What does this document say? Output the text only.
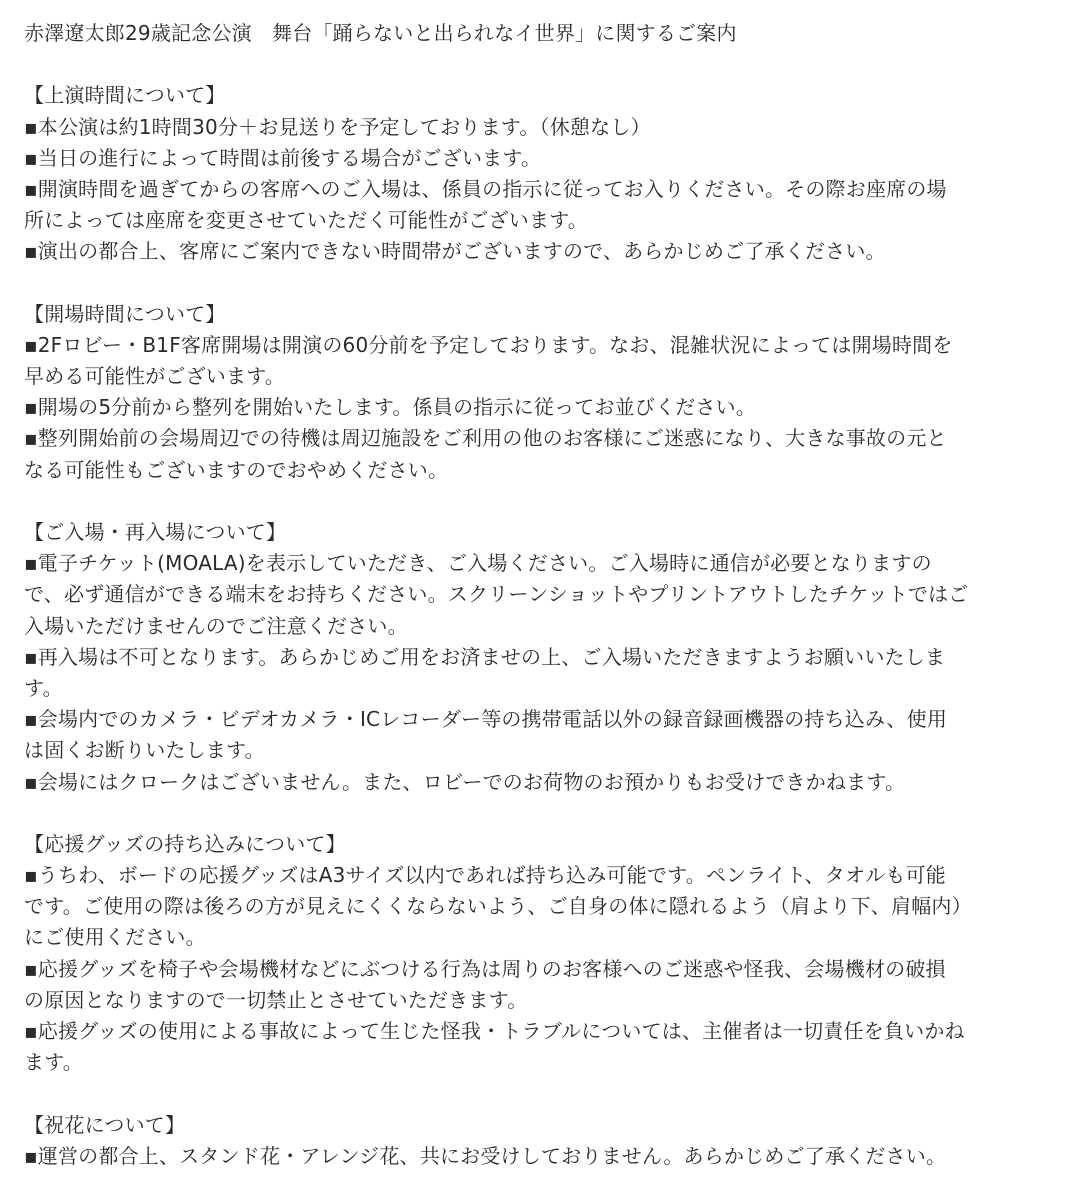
赤澤遼太郎29歳記念公演　舞台「踊らないと出られなイ世界」に関するご案内
【上演時間について】
▪︎本公演は約1時間30分＋お見送りを予定しております。（休憩なし）
▪︎当日の進行によって時間は前後する場合がございます。
▪︎開演時間を過ぎてからの客席へのご入場は、係員の指示に従ってお入りください。その際お座席の場
所によっては座席を変更させていただく可能性がございます。
▪︎演出の都合上、客席にご案内できない時間帯がございますので、あらかじめご了承ください。
【開場時間について】
▪︎2Fロビー・B1F客席開場は開演の60分前を予定しております。なお、混雑状況によっては開場時間を
早める可能性がございます。
▪︎開場の5分前から整列を開始いたします。係員の指示に従ってお並びください。
▪︎整列開始前の会場周辺での待機は周辺施設をご利用の他のお客様にご迷惑になり、大きな事故の元と
なる可能性もございますのでおやめください。
【ご入場・再入場について】
▪︎電子チケット(MOALA)を表示していただき、ご入場ください。ご入場時に通信が必要となりますの
で、必ず通信ができる端末をお持ちください。スクリーンショットやプリントアウトしたチケットではご
入場いただけませんのでご注意ください。
▪︎再入場は不可となります。あらかじめご用をお済ませの上、ご入場いただきますようお願いいたしま
す。
▪︎会場内でのカメラ・ビデオカメラ・ICレコーダー等の携帯電話以外の録音録画機器の持ち込み、使用
は固くお断りいたします。
▪︎会場にはクロークはございません。また、ロビーでのお荷物のお預かりもお受けできかねます。
【応援グッズの持ち込みについて】
▪︎うちわ、ボードの応援グッズはA3サイズ以内であれば持ち込み可能です。ペンライト、タオルも可能
です。ご使用の際は後ろの方が見えにくくならないよう、ご自身の体に隠れるよう（肩より下、肩幅内）
にご使用ください。
▪︎応援グッズを椅子や会場機材などにぶつける行為は周りのお客様へのご迷惑や怪我、会場機材の破損
の原因となりますので一切禁止とさせていただきます。
▪︎応援グッズの使用による事故によって生じた怪我・トラブルについては、主催者は一切責任を負いかね
ます。
【祝花について】
▪︎運営の都合上、スタンド花・アレンジ花、共にお受けしておりません。あらかじめご了承ください。
